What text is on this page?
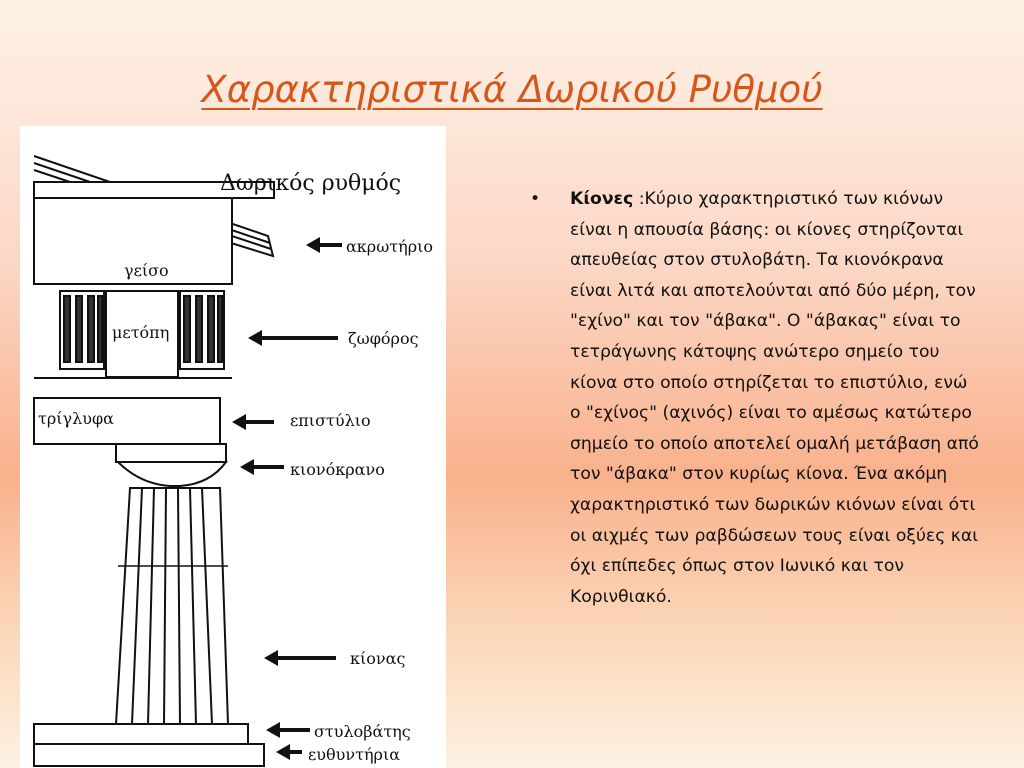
Χαρακτηριστικά Δωρικού Ρυθμού
Δωρικός ρυθμός
ακρωτήριο
γείσο
μετόπη	ζωφόρος
τρίγλυφα	επιστύλιο
κιονόκρανο
κίονας
στυλοβάτης
ευθυντήρια
• Κίονες :Κύριο χαρακτηριστικό των κιόνων είναι η απουσία βάσης: οι κίονες στηρίζονται απευθείας στον στυλοβάτη. Τα κιονόκρανα είναι λιτά και αποτελούνται από δύο μέρη, τον "εχίνο" και τον "άβακα". Ο "άβακας" είναι το τετράγωνης κάτοψης ανώτερο σημείο του κίονα στο οποίο στηρίζεται το επιστύλιο, ενώ ο "εχίνος" (αχινός) είναι το αμέσως κατώτερο σημείο το οποίο αποτελεί ομαλή μετάβαση από τον "άβακα" στον κυρίως κίονα. Ένα ακόμη χαρακτηριστικό των δωρικών κιόνων είναι ότι οι αιχμές των ραβδώσεων τους είναι οξύες και όχι επίπεδες όπως στον Ιωνικό και τον Κορινθιακό.
